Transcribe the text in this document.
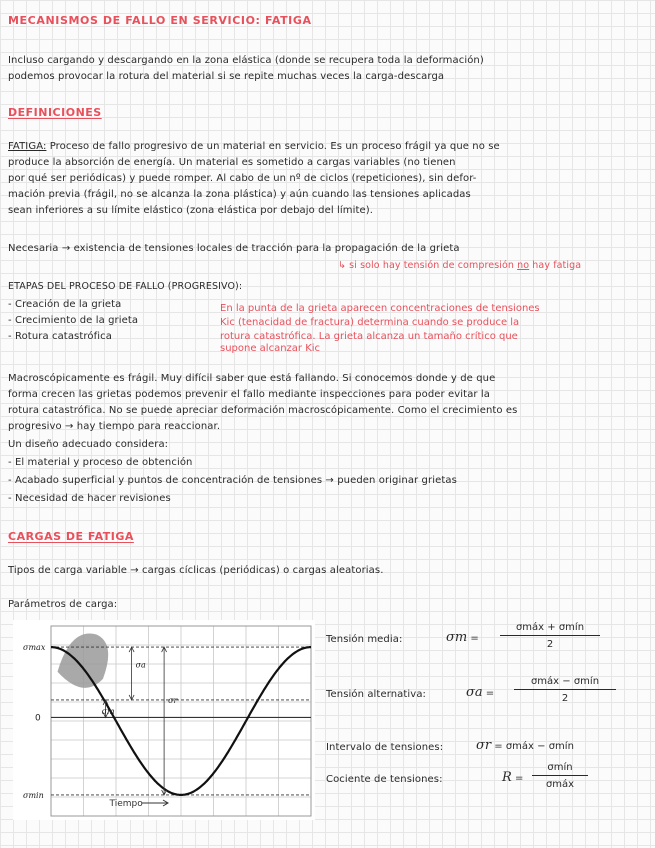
MECANISMOS DE FALLO EN SERVICIO: FATIGA

Incluso cargando y descargando en la zona elástica (donde se recupera toda la deformación)

podemos provocar la rotura del material si se repite muchas veces la carga-descarga

DEFINICIONES

FATIGA: Proceso de fallo progresivo de un material en servicio. Es un proceso frágil ya que no se

produce la absorción de energía. Un material es sometido a cargas variables (no tienen

por qué ser periódicas) y puede romper. Al cabo de un nº de ciclos (repeticiones), sin defor-

mación previa (frágil, no se alcanza la zona plástica) y aún cuando las tensiones aplicadas

sean inferiores a su límite elástico (zona elástica por debajo del límite).

Necesaria → existencia de tensiones locales de tracción para la propagación de la grieta

↳ si solo hay tensión de compresión no hay fatiga

ETAPAS DEL PROCESO DE FALLO (PROGRESIVO):

- Creación de la grieta

- Crecimiento de la grieta

- Rotura catastrófica

En la punta de la grieta aparecen concentraciones de tensiones
Kic (tenacidad de fractura) determina cuando se produce la
rotura catastrófica. La grieta alcanza un tamaño crítico que
supone alcanzar Kic

Macroscópicamente es frágil. Muy difícil saber que está fallando. Si conocemos donde y de que

forma crecen las grietas podemos prevenir el fallo mediante inspecciones para poder evitar la

rotura catastrófica. No se puede apreciar deformación macroscópicamente. Como el crecimiento es

progresivo → hay tiempo para reaccionar.

Un diseño adecuado considera:

- El material y proceso de obtención

- Acabado superficial y puntos de concentración de tensiones → pueden originar grietas

- Necesidad de hacer revisiones

CARGAS DE FATIGA

Tipos de carga variable → cargas cíclicas (periódicas) o cargas aleatorias.

Parámetros de carga:

σmax
0
σmin
σa
σr
σm
Tiempo

Tensión media:	σm =
σmáx + σmín
2

Tensión alternativa:	σa =
σmáx − σmín
2

Intervalo de tensiones:	σr = σmáx − σmín

Cociente de tensiones:	R =
σmín
σmáx
